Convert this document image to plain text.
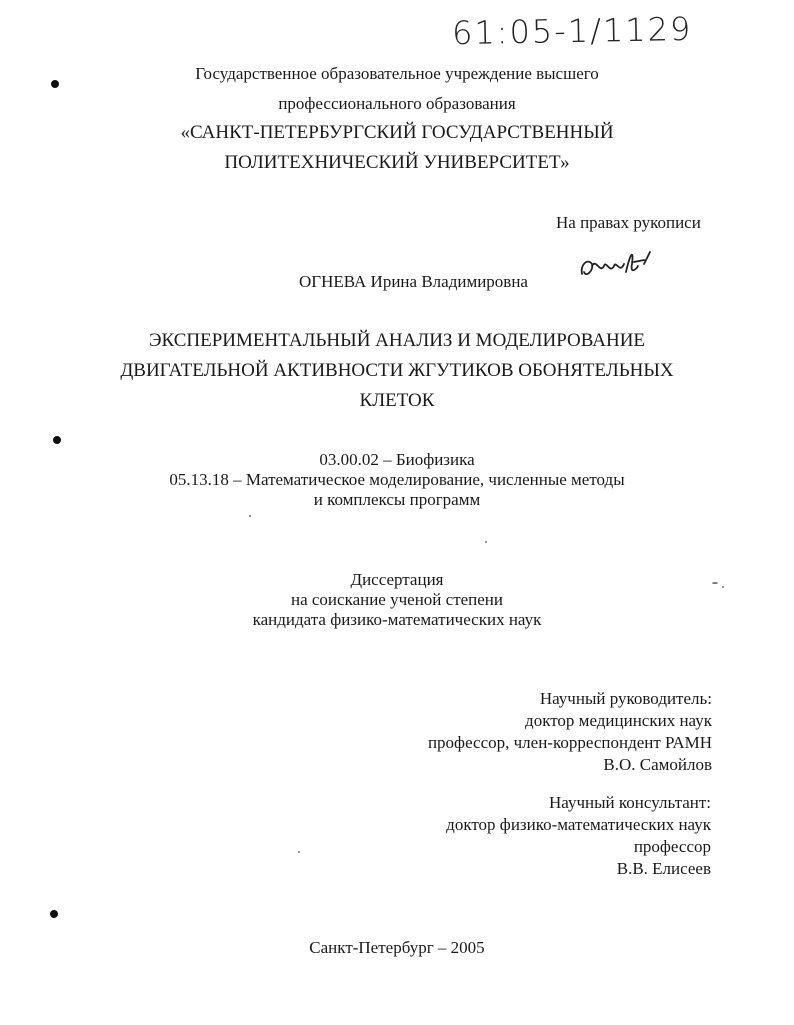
61:05-1/1129
Государственное образовательное учреждение высшего
профессионального образования
«САНКТ-ПЕТЕРБУРГСКИЙ ГОСУДАРСТВЕННЫЙ
ПОЛИТЕХНИЧЕСКИЙ УНИВЕРСИТЕТ»
На правах рукописи
ОГНЕВА Ирина Владимировна
ЭКСПЕРИМЕНТАЛЬНЫЙ АНАЛИЗ И МОДЕЛИРОВАНИЕ
ДВИГАТЕЛЬНОЙ АКТИВНОСТИ ЖГУТИКОВ ОБОНЯТЕЛЬНЫХ
КЛЕТОК
03.00.02 – Биофизика
05.13.18 – Математическое моделирование, численные методы
и комплексы программ
Диссертация
на соискание ученой степени
кандидата физико-математических наук
Научный руководитель:
доктор медицинских наук
профессор, член-корреспондент РАМН
В.О. Самойлов
Научный консультант:
доктор физико-математических наук
профессор
В.В. Елисеев
Санкт-Петербург – 2005
